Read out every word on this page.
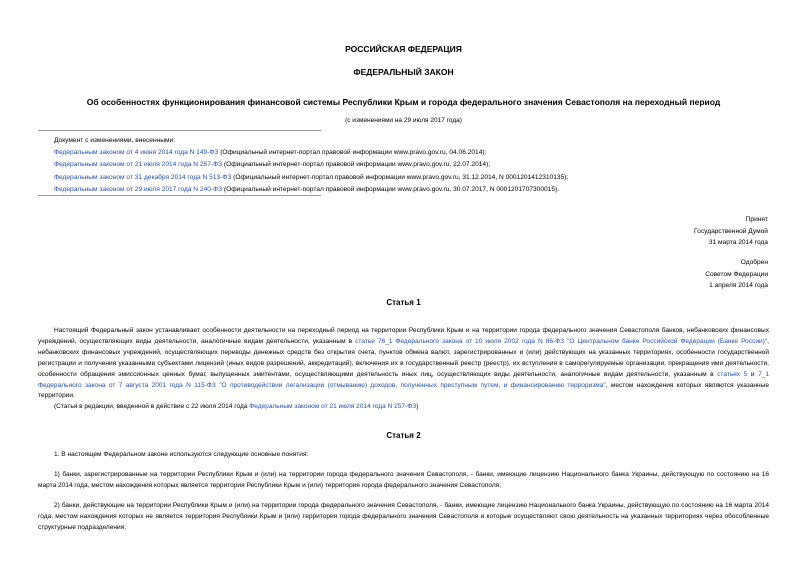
РОССИЙСКАЯ ФЕДЕРАЦИЯ
ФЕДЕРАЛЬНЫЙ ЗАКОН
Об особенностях функционирования финансовой системы Республики Крым и города федерального значения Севастополя на переходный период
(с изменениями на 29 июля 2017 года)
Документ с изменениями, внесенными:
Федеральным законом от 4 июня 2014 года N 149-ФЗ (Официальный интернет-портал правовой информации www.pravo.gov.ru, 04.06.2014);
Федеральным законом от 21 июля 2014 года N 257-ФЗ (Официальный интернет-портал правовой информации www.pravo.gov.ru, 22.07.2014);
Федеральным законом от 31 декабря 2014 года N 513-ФЗ (Официальный интернет-портал правовой информации www.pravo.gov.ru, 31.12.2014, N 0001201412310135);
Федеральным законом от 29 июля 2017 года N 240-ФЗ (Официальный интернет-портал правовой информации www.pravo.gov.ru, 30.07.2017, N 0001201707300015).
Принят
Государственной Думой
31 марта 2014 года
Одобрен
Советом Федерации
1 апреля 2014 года
Статья 1

Настоящий Федеральный закон устанавливает особенности деятельности на переходный период на территории Республики Крым и на территории города федерального значения Севастополя банков, небанковских финансовых учреждений, осуществляющих виды деятельности, аналогичные видам деятельности, указанным в статье 76_1 Федерального закона от 10 июля 2002 года N 86-ФЗ "О Центральном банке Российской Федерации (Банке России)", небанковских финансовых учреждений, осуществляющих переводы денежных средств без открытия счета, пунктов обмена валют, зарегистрированных и (или) действующих на указанных территориях, особенности государственной регистрации и получения указанными субъектами лицензий (иных видов разрешений, аккредитаций), включения их в государственный реестр (реестр), их вступления в саморегулируемые организации, прекращения ими деятельности, особенности обращения эмиссионных ценных бумаг, выпущенных эмитентами, осуществляющими деятельность иных лиц, осуществляющих виды деятельности, аналогичные видам деятельности, указанным в статьях 5 и 7_1 Федерального закона от 7 августа 2001 года N 115-ФЗ "О противодействии легализации (отмыванию) доходов, полученных преступным путем, и финансированию терроризма", местом нахождения которых являются указанные территории.

(Статья в редакции, введенной в действие с 22 июля 2014 года Федеральным законом от 21 июля 2014 года N 257-ФЗ)

Статья 2

1. В настоящем Федеральном законе используются следующие основные понятия:

1) банки, зарегистрированные на территории Республики Крым и (или) на территории города федерального значения Севастополя, - банки, имеющие лицензию Национального банка Украины, действующую по состоянию на 16 марта 2014 года, местом нахождения которых является территория Республики Крым и (или) территория города федерального значения Севастополя;

2) банки, действующие на территории Республики Крым и (или) на территории города федерального значения Севастополя, - банки, имеющие лицензию Национального банка Украины, действующую по состоянию на 16 марта 2014 года, местом нахождения которых не является территория Республики Крым и (или) территория города федерального значения Севастополя и которые осуществляют свою деятельность на указанных территориях через обособленные структурные подразделения;
